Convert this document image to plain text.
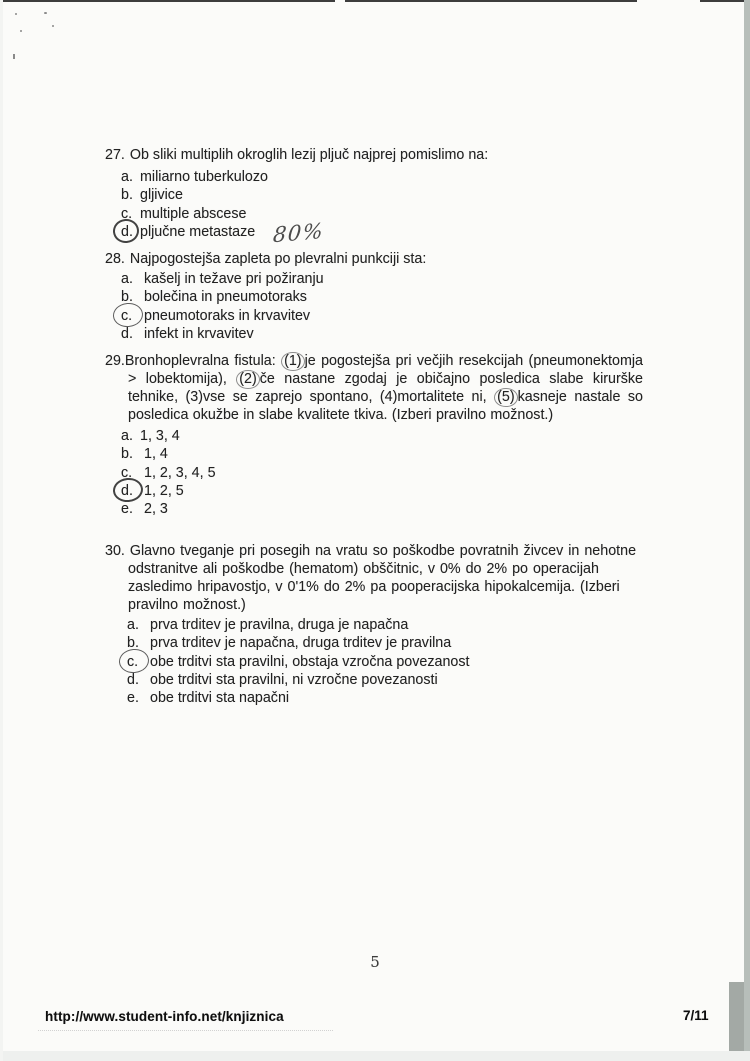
27. Ob sliki multiplih okroglih lezij pljuč najprej pomislimo na:
a. miliarno tuberkulozo
b. gljivice
c. multiple abscese
d. pljučne metastaze 80%
28. Najpogostejša zapleta po plevralni punkciji sta:
a. kašelj in težave pri požiranju
b. bolečina in pneumotoraks
c. pneumotoraks in krvavitev
d. infekt in krvavitev
29.Bronhoplevralna fistula: (1) je pogostejša pri večjih resekcijah (pneumonektomja > lobektomija), (2) če nastane zgodaj je običajno posledica slabe kirurške tehnike, (3)vse se zaprejo spontano, (4)mortalitete ni, (5) kasneje nastale so posledica okužbe in slabe kvalitete tkiva. (Izberi pravilno možnost.)
a. 1, 3, 4
b. 1, 4
c. 1, 2, 3, 4, 5
d. 1, 2, 5
e. 2, 3
30. Glavno tveganje pri posegih na vratu so poškodbe povratnih živcev in nehotne odstranitve ali poškodbe (hematom) obščitnic, v 0% do 2% po operacijah zasledimo hripavostjo, v 0'1% do 2% pa pooperacijska hipokalcemija. (Izberi pravilno možnost.)
a. prva trditev je pravilna, druga je napačna
b. prva trditev je napačna, druga trditev je pravilna
c. obe trditvi sta pravilni, obstaja vzročna povezanost
d. obe trditvi sta pravilni, ni vzročne povezanosti
e. obe trditvi sta napačni
5
http://www.student-info.net/knjiznica	7/11
